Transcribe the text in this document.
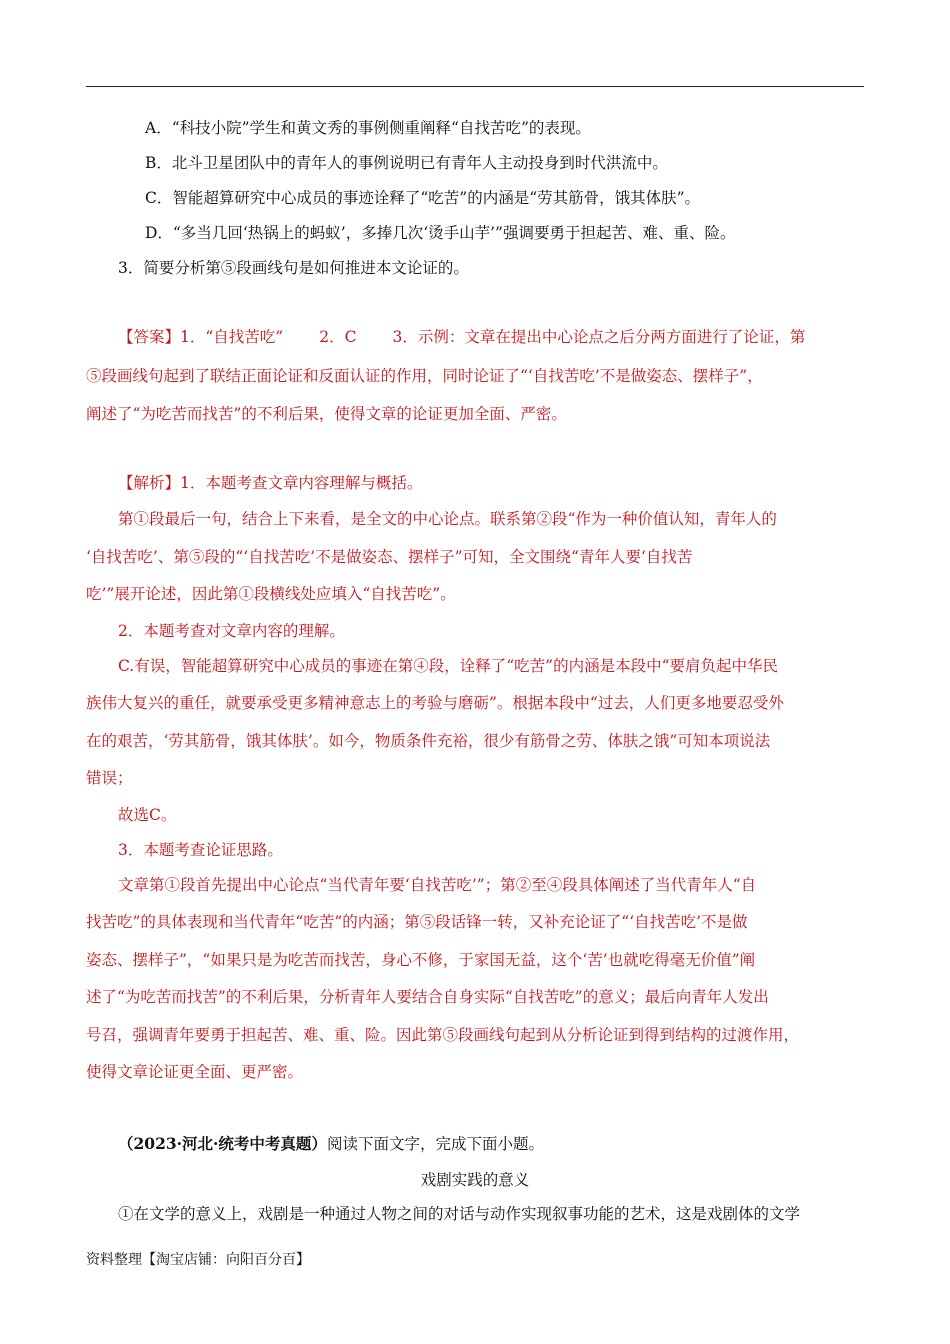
A．“科技小院”学生和黄文秀的事例侧重阐释“自找苦吃”的表现。
B．北斗卫星团队中的青年人的事例说明已有青年人主动投身到时代洪流中。
C．智能超算研究中心成员的事迹诠释了“吃苦”的内涵是“劳其筋骨，饿其体肤”。
D．“多当几回‘热锅上的蚂蚁’，多捧几次‘烫手山芋’”强调要勇于担起苦、难、重、险。
3．简要分析第⑤段画线句是如何推进本文论证的。
【答案】1．“自找苦吃” 2．C 3．示例：文章在提出中心论点之后分两方面进行了论证，第
⑤段画线句起到了联结正面论证和反面认证的作用，同时论证了“‘自找苦吃’不是做姿态、摆样子”，
阐述了“为吃苦而找苦”的不利后果，使得文章的论证更加全面、严密。
【解析】1．本题考查文章内容理解与概括。
第①段最后一句，结合上下来看，是全文的中心论点。联系第②段“作为一种价值认知，青年人的
‘自找苦吃’、第⑤段的“‘自找苦吃’不是做姿态、摆样子”可知，全文围绕“青年人要‘自找苦
吃’”展开论述，因此第①段横线处应填入“自找苦吃”。
2．本题考查对文章内容的理解。
C.有误，智能超算研究中心成员的事迹在第④段，诠释了“吃苦”的内涵是本段中“要肩负起中华民
族伟大复兴的重任，就要承受更多精神意志上的考验与磨砺”。根据本段中“过去，人们更多地要忍受外
在的艰苦，‘劳其筋骨，饿其体肤’。如今，物质条件充裕，很少有筋骨之劳、体肤之饿”可知本项说法
错误；
故选C。
3．本题考查论证思路。
文章第①段首先提出中心论点“当代青年要‘自找苦吃’”；第②至④段具体阐述了当代青年人“自
找苦吃”的具体表现和当代青年“吃苦”的内涵；第⑤段话锋一转，又补充论证了“‘自找苦吃’不是做
姿态、摆样子”，“如果只是为吃苦而找苦，身心不修，于家国无益，这个‘苦’也就吃得毫无价值”阐
述了“为吃苦而找苦”的不利后果，分析青年人要结合自身实际“自找苦吃”的意义；最后向青年人发出
号召，强调青年要勇于担起苦、难、重、险。因此第⑤段画线句起到从分析论证到得到结构的过渡作用，
使得文章论证更全面、更严密。
（2023·河北·统考中考真题）阅读下面文字，完成下面小题。
戏剧实践的意义
①在文学的意义上，戏剧是一种通过人物之间的对话与动作实现叙事功能的艺术，这是戏剧体的文学
资料整理【淘宝店铺：向阳百分百】
